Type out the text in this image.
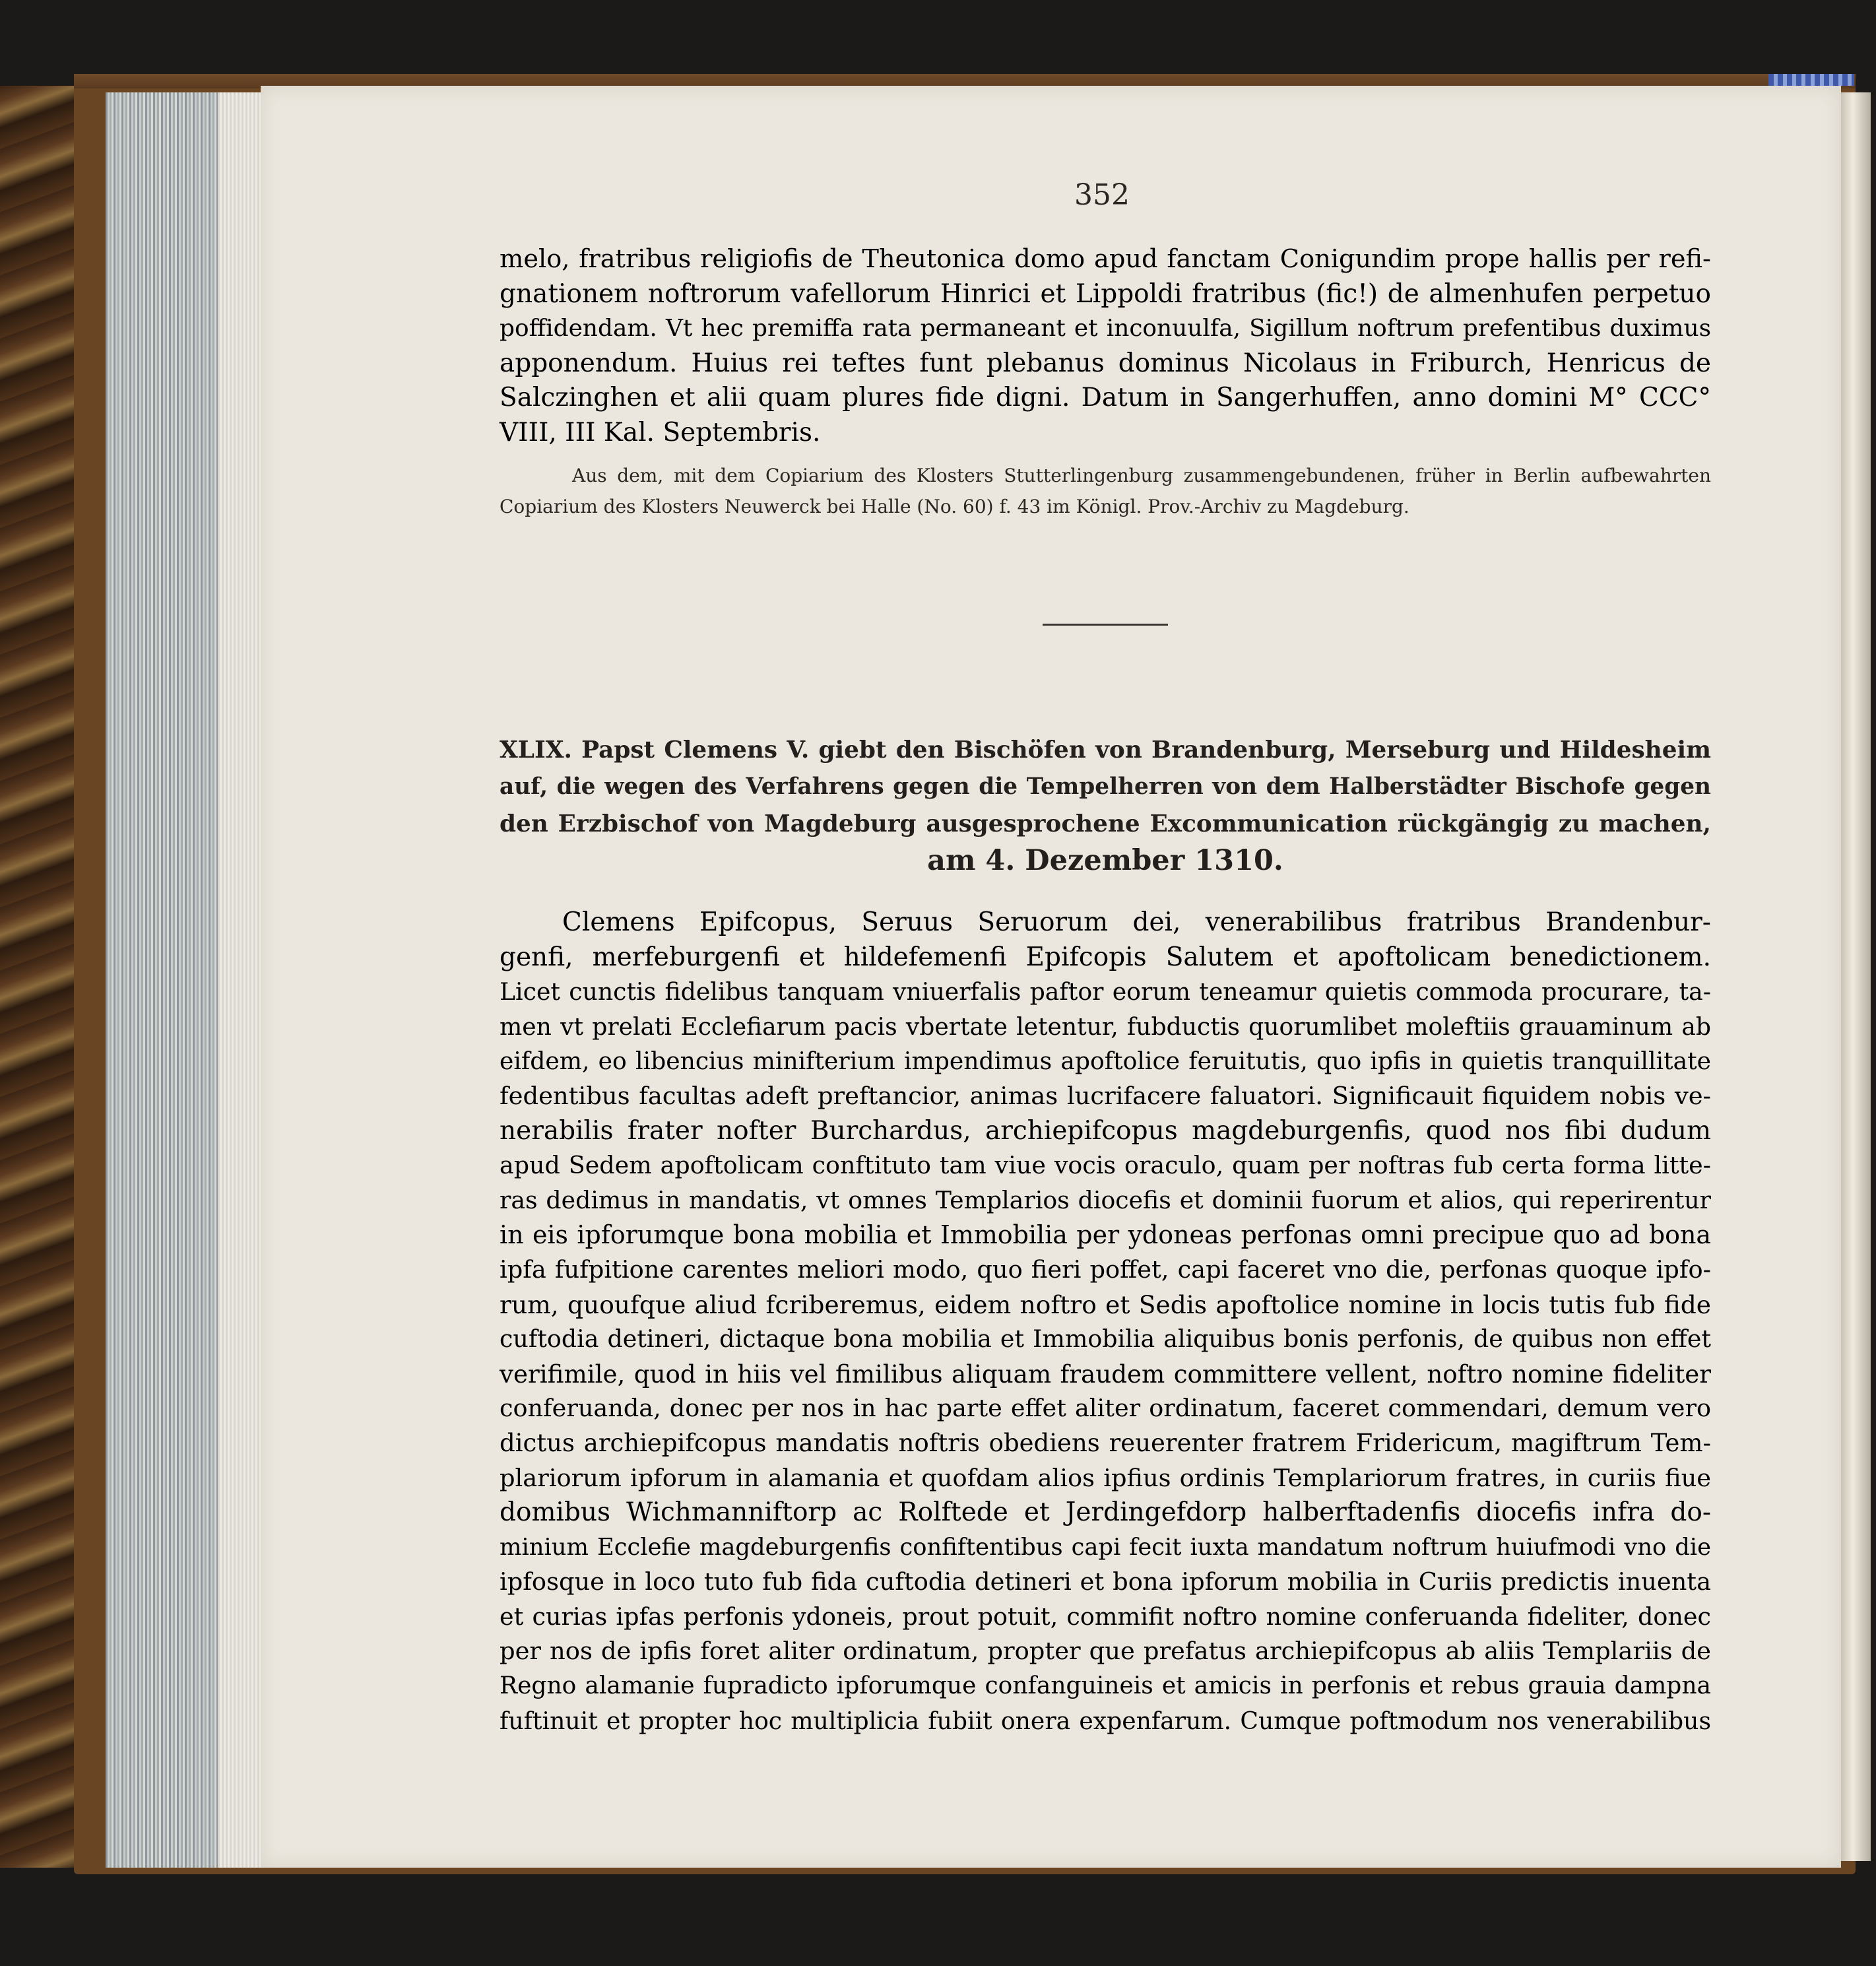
352
melo, fratribus religiofis de Theutonica domo apud fanctam Conigundim prope hallis per refi-
gnationem noftrorum vafellorum Hinrici et Lippoldi fratribus (fic!) de almenhufen perpetuo
poffidendam. Vt hec premiffa rata permaneant et inconuulfa, Sigillum noftrum prefentibus duximus
apponendum. Huius rei teftes funt plebanus dominus Nicolaus in Friburch, Henricus de
Salczinghen et alii quam plures fide digni. Datum in Sangerhuffen, anno domini M° CCC°
VIII, III Kal. Septembris.
Aus dem, mit dem Copiarium des Klosters Stutterlingenburg zusammengebundenen, früher in Berlin aufbewahrten
Copiarium des Klosters Neuwerck bei Halle (No. 60) f. 43 im Königl. Prov.-Archiv zu Magdeburg.
XLIX. Papst Clemens V. giebt den Bischöfen von Brandenburg, Merseburg und Hildesheim
auf, die wegen des Verfahrens gegen die Tempelherren von dem Halberstädter Bischofe gegen
den Erzbischof von Magdeburg ausgesprochene Excommunication rückgängig zu machen,
am 4. Dezember 1310.
Clemens Epifcopus, Seruus Seruorum dei, venerabilibus fratribus Brandenbur-
genfi, merfeburgenfi et hildefemenfi Epifcopis Salutem et apoftolicam benedictionem.
Licet cunctis fidelibus tanquam vniuerfalis paftor eorum teneamur quietis commoda procurare, ta-
men vt prelati Ecclefiarum pacis vbertate letentur, fubductis quorumlibet moleftiis grauaminum ab
eifdem, eo libencius minifterium impendimus apoftolice feruitutis, quo ipfis in quietis tranquillitate
fedentibus facultas adeft preftancior, animas lucrifacere faluatori. Significauit fiquidem nobis ve-
nerabilis frater nofter Burchardus, archiepifcopus magdeburgenfis, quod nos fibi dudum
apud Sedem apoftolicam conftituto tam viue vocis oraculo, quam per noftras fub certa forma litte-
ras dedimus in mandatis, vt omnes Templarios diocefis et dominii fuorum et alios, qui reperirentur
in eis ipforumque bona mobilia et Immobilia per ydoneas perfonas omni precipue quo ad bona
ipfa fufpitione carentes meliori modo, quo fieri poffet, capi faceret vno die, perfonas quoque ipfo-
rum, quoufque aliud fcriberemus, eidem noftro et Sedis apoftolice nomine in locis tutis fub fide
cuftodia detineri, dictaque bona mobilia et Immobilia aliquibus bonis perfonis, de quibus non effet
verifimile, quod in hiis vel fimilibus aliquam fraudem committere vellent, noftro nomine fideliter
conferuanda, donec per nos in hac parte effet aliter ordinatum, faceret commendari, demum vero
dictus archiepifcopus mandatis noftris obediens reuerenter fratrem Fridericum, magiftrum Tem-
plariorum ipforum in alamania et quofdam alios ipfius ordinis Templariorum fratres, in curiis fiue
domibus Wichmanniftorp ac Rolftede et Jerdingefdorp halberftadenfis diocefis infra do-
minium Ecclefie magdeburgenfis confiftentibus capi fecit iuxta mandatum noftrum huiufmodi vno die
ipfosque in loco tuto fub fida cuftodia detineri et bona ipforum mobilia in Curiis predictis inuenta
et curias ipfas perfonis ydoneis, prout potuit, commifit noftro nomine conferuanda fideliter, donec
per nos de ipfis foret aliter ordinatum, propter que prefatus archiepifcopus ab aliis Templariis de
Regno alamanie fupradicto ipforumque confanguineis et amicis in perfonis et rebus grauia dampna
fuftinuit et propter hoc multiplicia fubiit onera expenfarum. Cumque poftmodum nos venerabilibus
